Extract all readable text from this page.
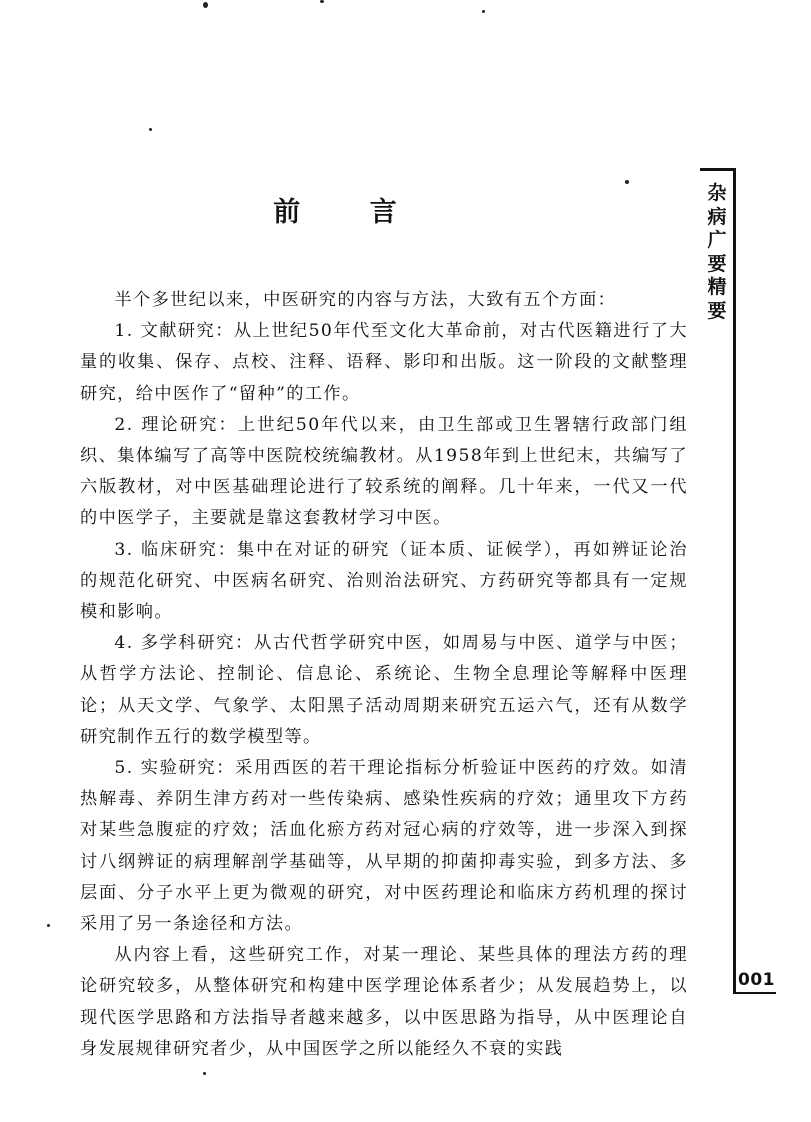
前 言

半个多世纪以来，中医研究的内容与方法，大致有五个方面：

1. 文献研究：从上世纪50年代至文化大革命前，对古代医籍进行了大量的收集、保存、点校、注释、语释、影印和出版。这一阶段的文献整理研究，给中医作了“留种”的工作。

2. 理论研究：上世纪50年代以来，由卫生部或卫生署辖行政部门组织、集体编写了高等中医院校统编教材。从1958年到上世纪末，共编写了六版教材，对中医基础理论进行了较系统的阐释。几十年来，一代又一代的中医学子，主要就是靠这套教材学习中医。

3. 临床研究：集中在对证的研究（证本质、证候学），再如辨证论治的规范化研究、中医病名研究、治则治法研究、方药研究等都具有一定规模和影响。

4. 多学科研究：从古代哲学研究中医，如周易与中医、道学与中医；从哲学方法论、控制论、信息论、系统论、生物全息理论等解释中医理论；从天文学、气象学、太阳黑子活动周期来研究五运六气，还有从数学研究制作五行的数学模型等。

5. 实验研究：采用西医的若干理论指标分析验证中医药的疗效。如清热解毒、养阴生津方药对一些传染病、感染性疾病的疗效；通里攻下方药对某些急腹症的疗效；活血化瘀方药对冠心病的疗效等，进一步深入到探讨八纲辨证的病理解剖学基础等，从早期的抑菌抑毒实验，到多方法、多层面、分子水平上更为微观的研究，对中医药理论和临床方药机理的探讨采用了另一条途径和方法。

从内容上看，这些研究工作，对某一理论、某些具体的理法方药的理论研究较多，从整体研究和构建中医学理论体系者少；从发展趋势上，以现代医学思路和方法指导者越来越多，以中医思路为指导，从中医理论自身发展规律研究者少，从中国医学之所以能经久不衰的实践

杂病广要精要
001
